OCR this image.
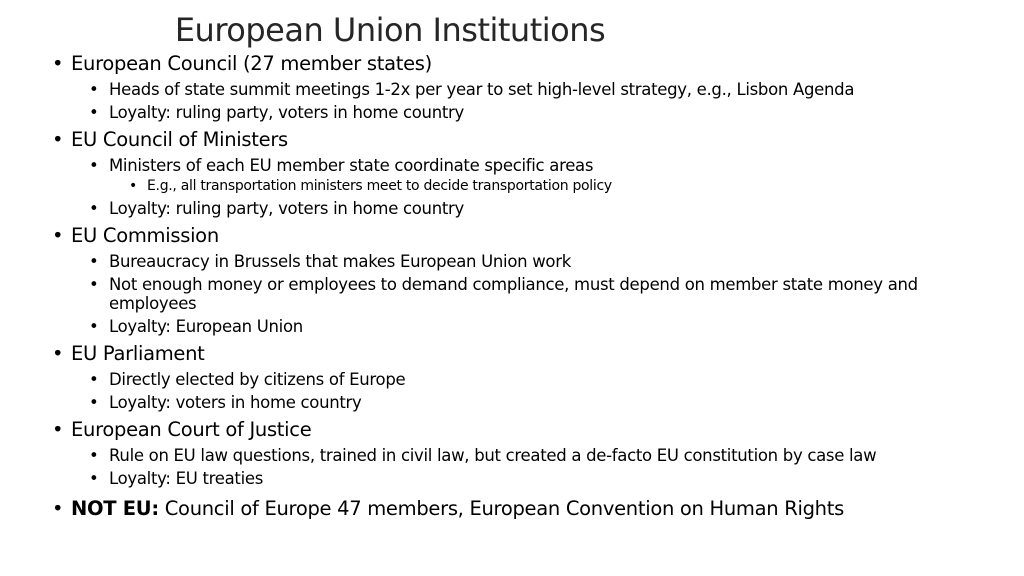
European Union Institutions
• European Council (27 member states)
• Heads of state summit meetings 1-2x per year to set high-level strategy, e.g., Lisbon Agenda
• Loyalty: ruling party, voters in home country
• EU Council of Ministers
• Ministers of each EU member state coordinate specific areas
• E.g., all transportation ministers meet to decide transportation policy
• Loyalty: ruling party, voters in home country
• EU Commission
• Bureaucracy in Brussels that makes European Union work
• Not enough money or employees to demand compliance, must depend on member state money and employees
• Loyalty: European Union
• EU Parliament
• Directly elected by citizens of Europe
• Loyalty: voters in home country
• European Court of Justice
• Rule on EU law questions, trained in civil law, but created a de-facto EU constitution by case law
• Loyalty: EU treaties
• NOT EU: Council of Europe 47 members, European Convention on Human Rights
